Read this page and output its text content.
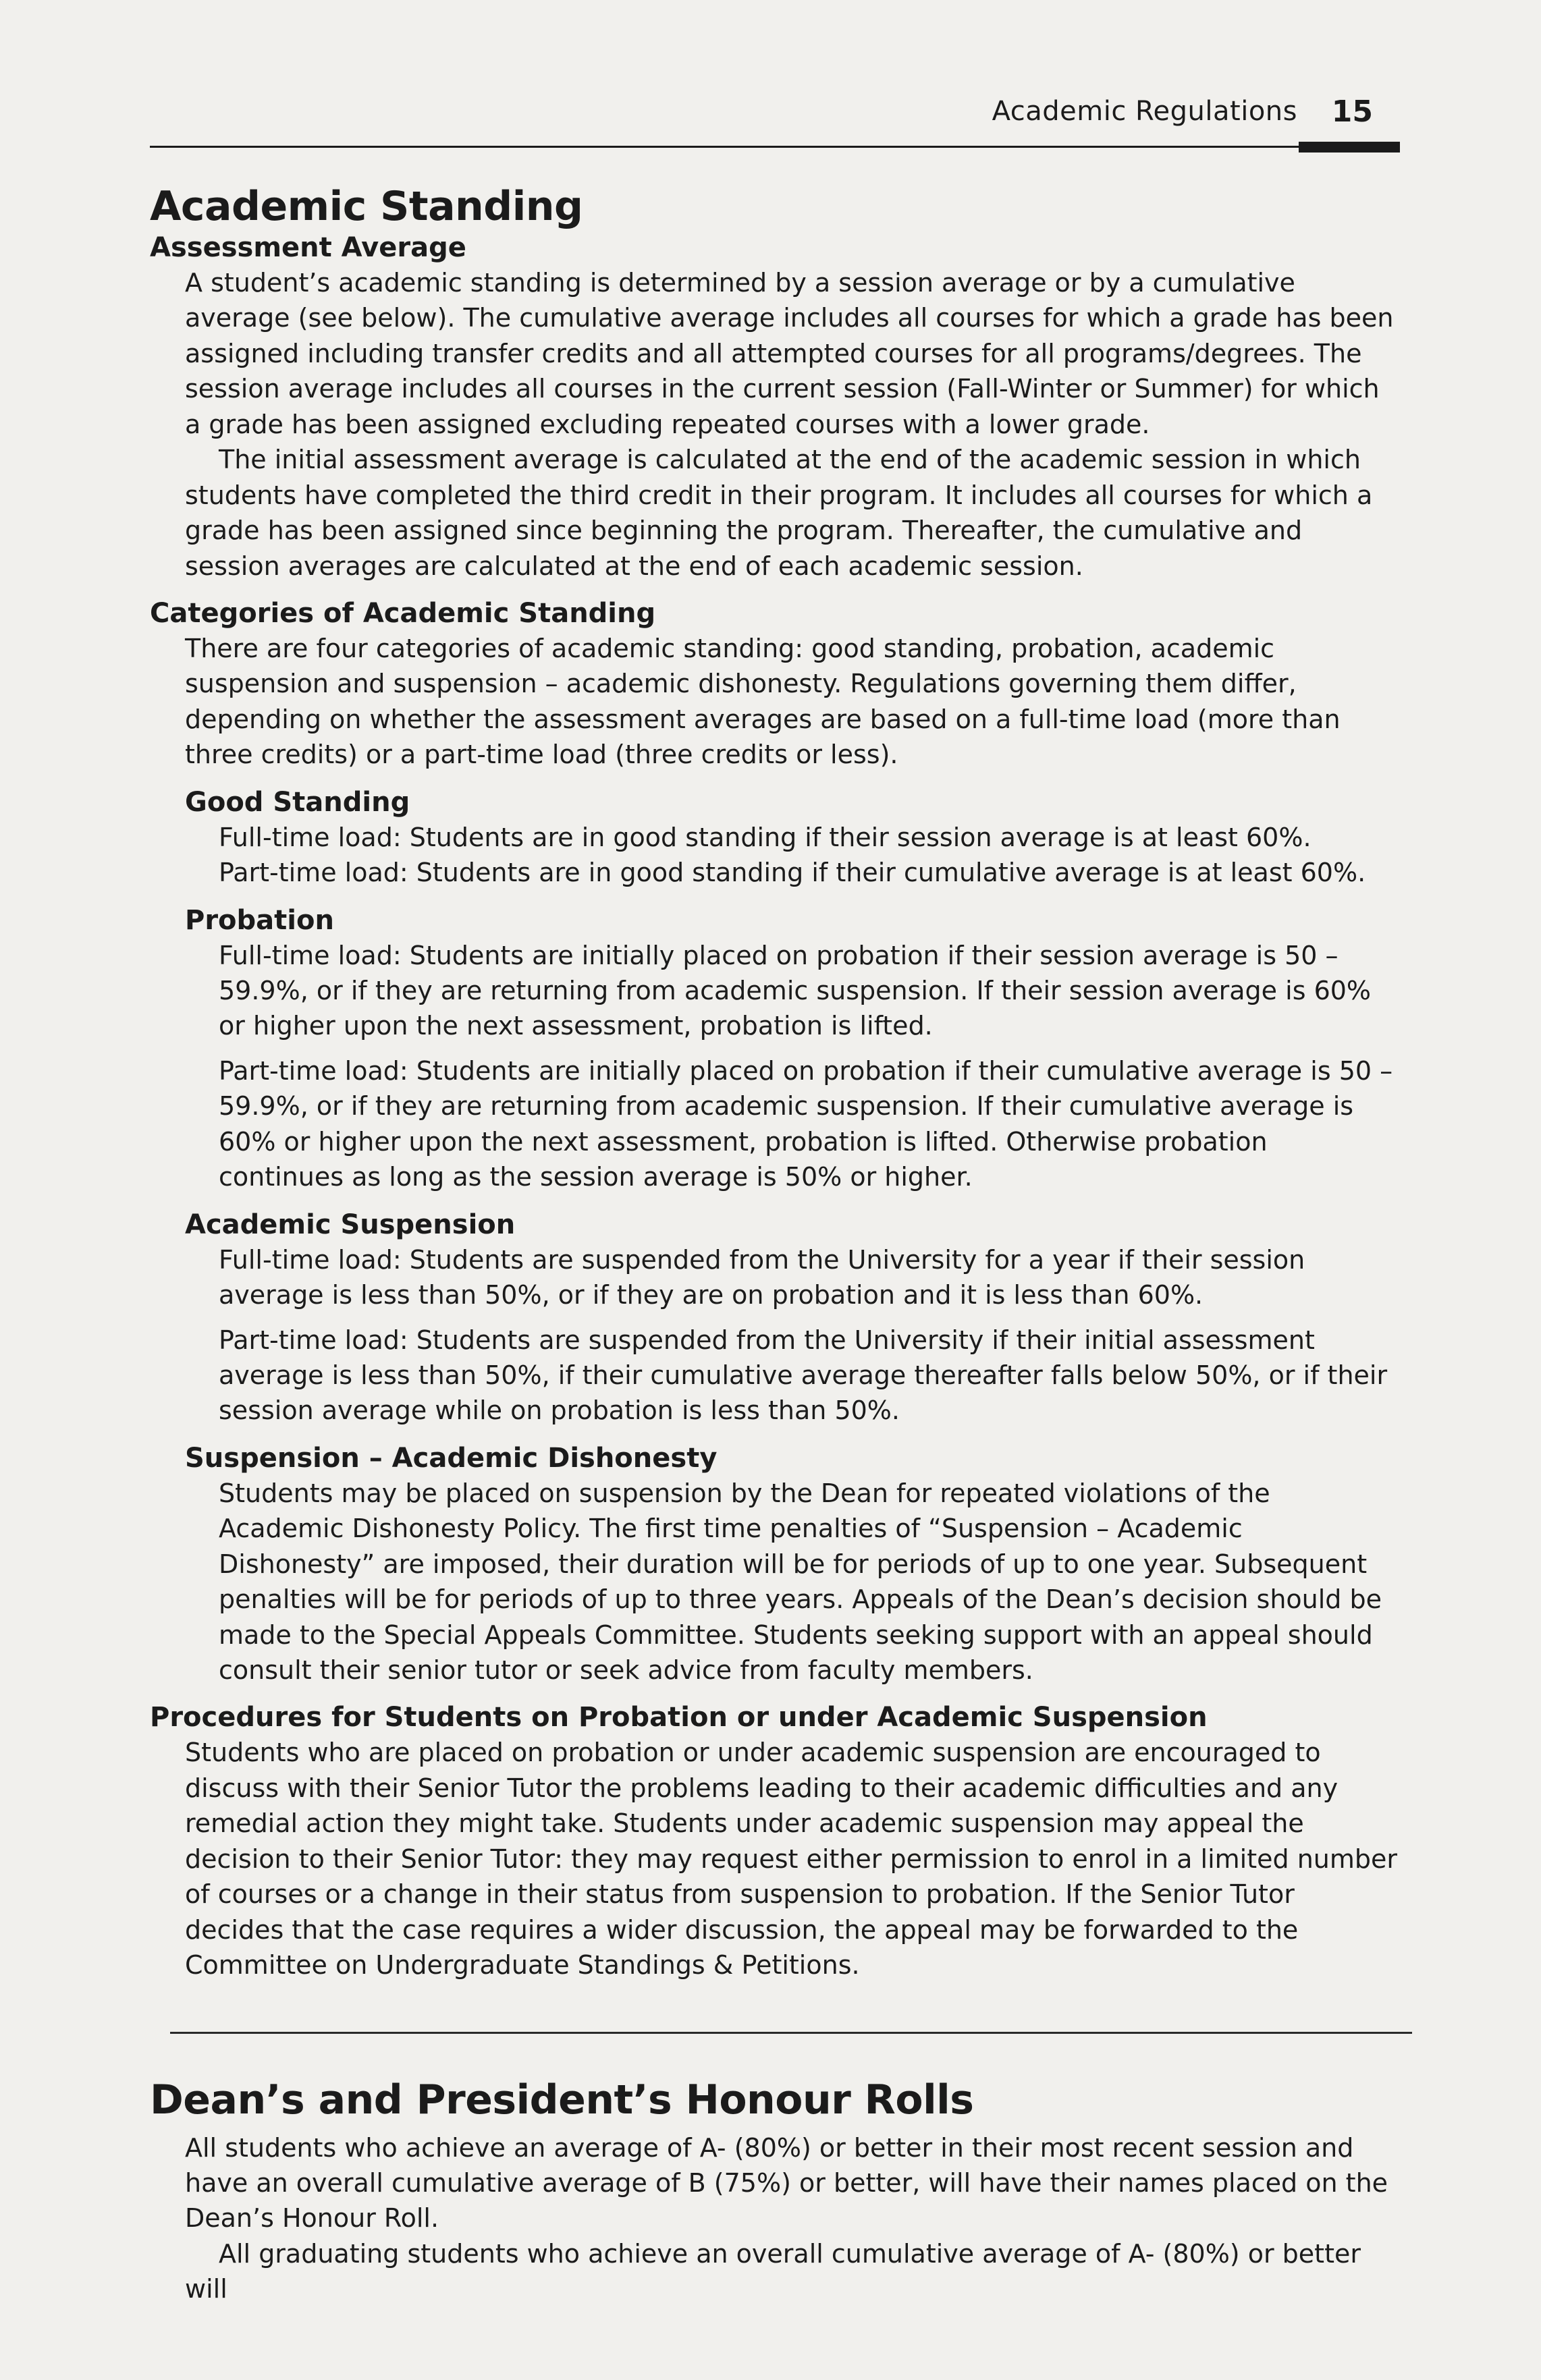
Academic Regulations 15
Academic Standing
Assessment Average

A student’s academic standing is determined by a session average or by a cumulative average (see below). The cumulative average includes all courses for which a grade has been assigned including transfer credits and all attempted courses for all programs/degrees. The session average includes all courses in the current session (Fall-Winter or Summer) for which a grade has been assigned excluding repeated courses with a lower grade.

The initial assessment average is calculated at the end of the academic session in which students have completed the third credit in their program. It includes all courses for which a grade has been assigned since beginning the program. Thereafter, the cumulative and session averages are calculated at the end of each academic session.

Categories of Academic Standing

There are four categories of academic standing: good standing, probation, academic suspension and suspension – academic dishonesty. Regulations governing them differ, depending on whether the assessment averages are based on a full-time load (more than three credits) or a part-time load (three credits or less).

Good Standing

Full-time load: Students are in good standing if their session average is at least 60%.

Part-time load: Students are in good standing if their cumulative average is at least 60%.

Probation

Full-time load: Students are initially placed on probation if their session average is 50 – 59.9%, or if they are returning from academic suspension. If their session average is 60% or higher upon the next assessment, probation is lifted.

Part-time load: Students are initially placed on probation if their cumulative average is 50 – 59.9%, or if they are returning from academic suspension. If their cumulative average is 60% or higher upon the next assessment, probation is lifted. Otherwise probation continues as long as the session average is 50% or higher.

Academic Suspension

Full-time load: Students are suspended from the University for a year if their session average is less than 50%, or if they are on probation and it is less than 60%.

Part-time load: Students are suspended from the University if their initial assessment average is less than 50%, if their cumulative average thereafter falls below 50%, or if their session average while on probation is less than 50%.

Suspension – Academic Dishonesty

Students may be placed on suspension by the Dean for repeated violations of the Academic Dishonesty Policy. The first time penalties of “Suspension – Academic Dishonesty” are imposed, their duration will be for periods of up to one year. Subsequent penalties will be for periods of up to three years. Appeals of the Dean’s decision should be made to the Special Appeals Committee. Students seeking support with an appeal should consult their senior tutor or seek advice from faculty members.

Procedures for Students on Probation or under Academic Suspension

Students who are placed on probation or under academic suspension are encouraged to discuss with their Senior Tutor the problems leading to their academic difficulties and any remedial action they might take. Students under academic suspension may appeal the decision to their Senior Tutor: they may request either permission to enrol in a limited number of courses or a change in their status from suspension to probation. If the Senior Tutor decides that the case requires a wider discussion, the appeal may be forwarded to the Committee on Undergraduate Standings & Petitions.

Dean’s and President’s Honour Rolls

All students who achieve an average of A- (80%) or better in their most recent session and have an overall cumulative average of B (75%) or better, will have their names placed on the Dean’s Honour Roll.

All graduating students who achieve an overall cumulative average of A- (80%) or better will
